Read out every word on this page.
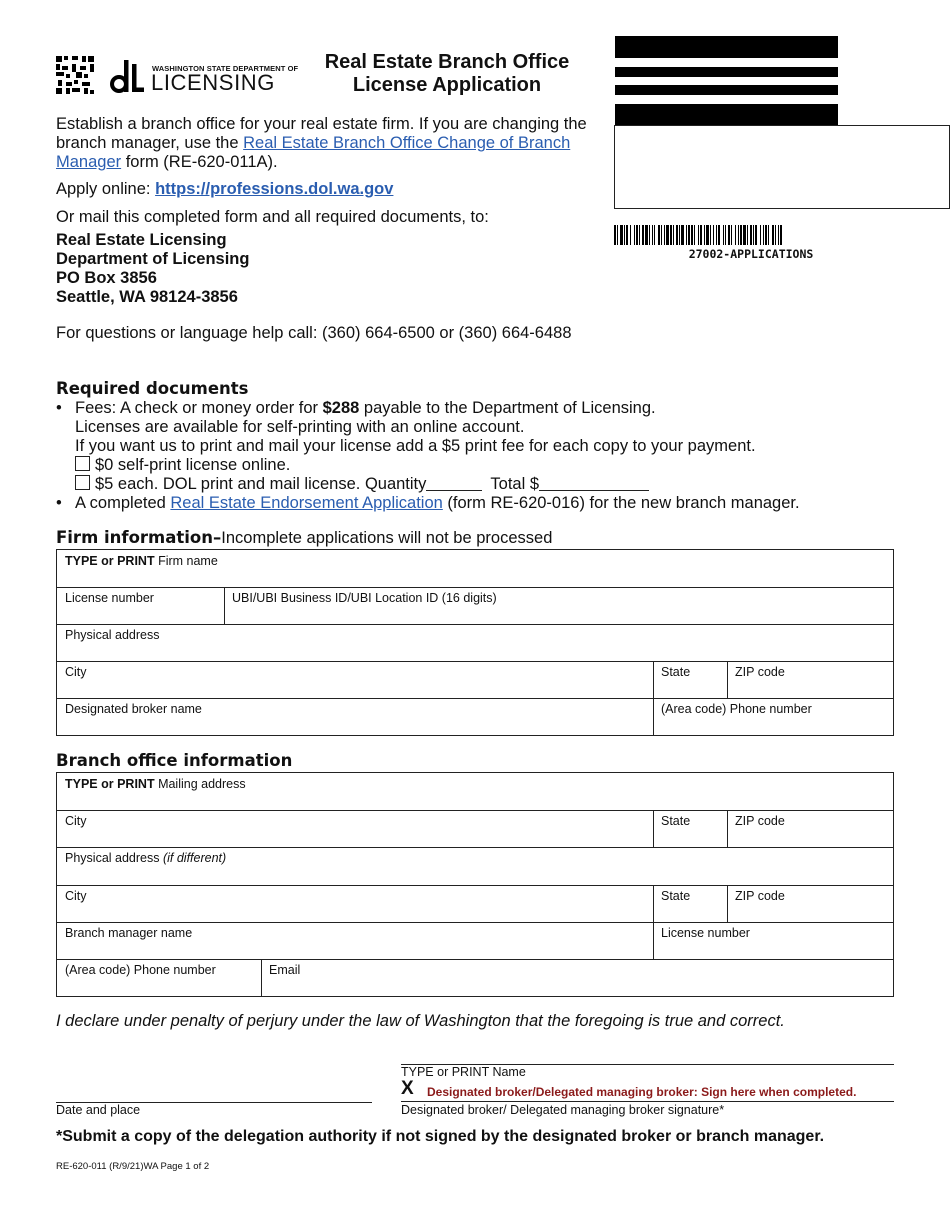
WASHINGTON STATE DEPARTMENT OF
LICENSING
Real Estate Branch Office
License Application
27002-APPLICATIONS
Establish a branch office for your real estate firm. If you are changing the branch manager, use the Real Estate Branch Office Change of Branch Manager form (RE-620-011A).
Apply online: https://professions.dol.wa.gov
Or mail this completed form and all required documents, to:
Real Estate Licensing
Department of Licensing
PO Box 3856
Seattle, WA 98124-3856
For questions or language help call: (360) 664-6500 or (360) 664-6488
Required documents
• Fees: A check or money order for $288 payable to the Department of Licensing.
Licenses are available for self-printing with an online account.
If you want us to print and mail your license add a $5 print fee for each copy to your payment.
$0 self-print license online.
$5 each. DOL print and mail license. Quantity	Total $
• A completed Real Estate Endorsement Application (form RE-620-016) for the new branch manager.
Firm information–Incomplete applications will not be processed
TYPE or PRINT Firm name
License number	UBI/UBI Business ID/UBI Location ID (16 digits)
Physical address
City	State	ZIP code
Designated broker name	(Area code) Phone number
Branch office information
TYPE or PRINT Mailing address
City	State	ZIP code
Physical address (if different)
City	State	ZIP code
Branch manager name	License number
(Area code) Phone number	Email
I declare under penalty of perjury under the law of Washington that the foregoing is true and correct.
TYPE or PRINT Name
X Designated broker/Delegated managing broker: Sign here when completed.
Designated broker/ Delegated managing broker signature*
Date and place
*Submit a copy of the delegation authority if not signed by the designated broker or branch manager.
RE-620-011 (R/9/21)WA Page 1 of 2
